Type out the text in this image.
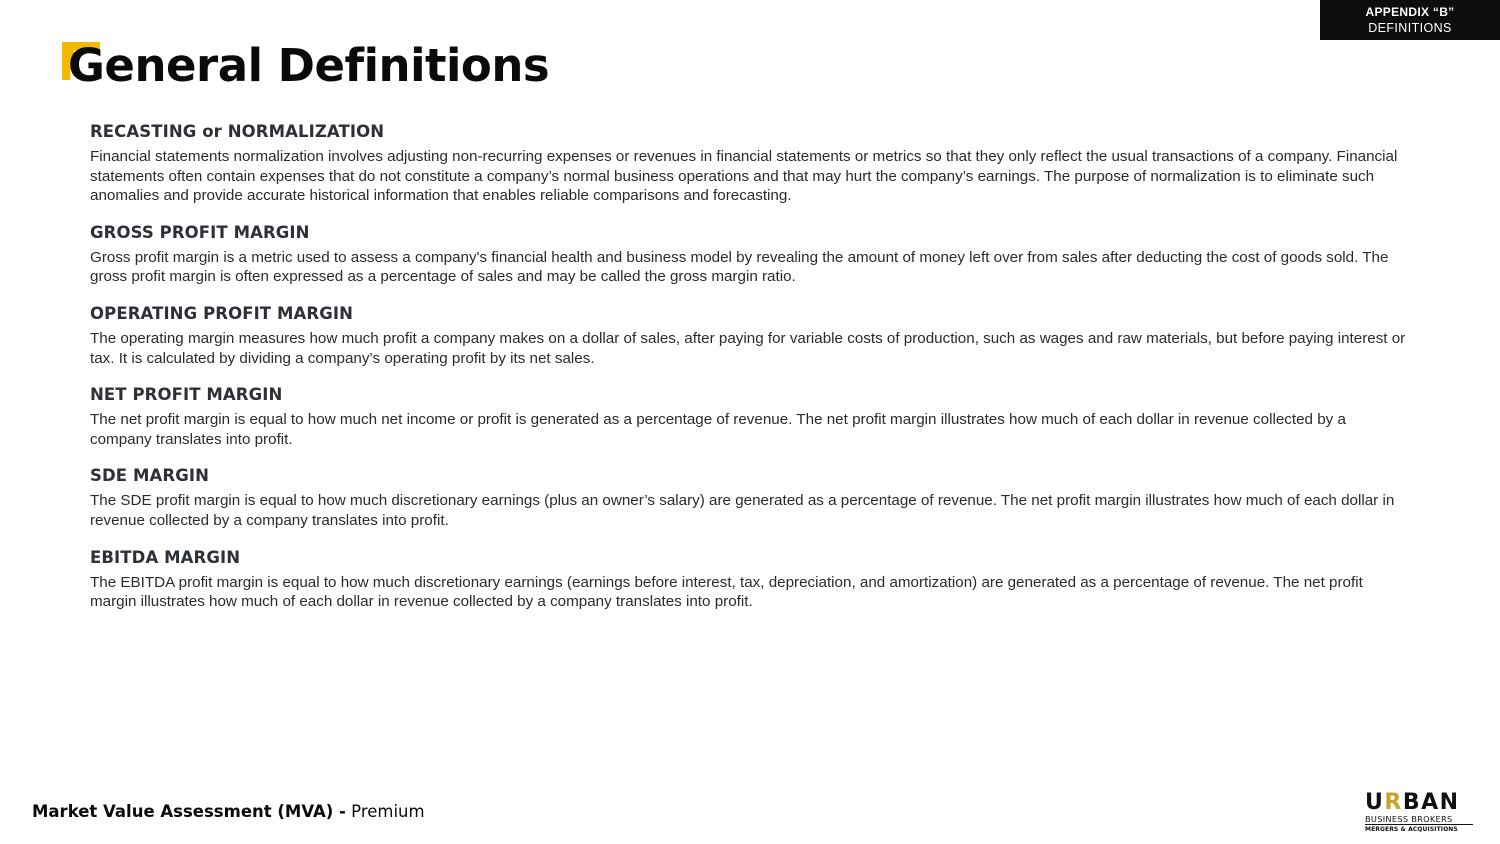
APPENDIX “B”
DEFINITIONS
General Definitions
RECASTING or NORMALIZATION
Financial statements normalization involves adjusting non-recurring expenses or revenues in financial statements or metrics so that they only reflect the usual transactions of a company. Financial statements often contain expenses that do not constitute a company’s normal business operations and that may hurt the company’s earnings. The purpose of normalization is to eliminate such anomalies and provide accurate historical information that enables reliable comparisons and forecasting.
GROSS PROFIT MARGIN
Gross profit margin is a metric used to assess a company's financial health and business model by revealing the amount of money left over from sales after deducting the cost of goods sold. The gross profit margin is often expressed as a percentage of sales and may be called the gross margin ratio.
OPERATING PROFIT MARGIN
The operating margin measures how much profit a company makes on a dollar of sales, after paying for variable costs of production, such as wages and raw materials, but before paying interest or tax. It is calculated by dividing a company’s operating profit by its net sales.
NET PROFIT MARGIN
The net profit margin is equal to how much net income or profit is generated as a percentage of revenue. The net profit margin illustrates how much of each dollar in revenue collected by a company translates into profit.
SDE MARGIN
The SDE profit margin is equal to how much discretionary earnings (plus an owner’s salary) are generated as a percentage of revenue. The net profit margin illustrates how much of each dollar in revenue collected by a company translates into profit.
EBITDA MARGIN
The EBITDA profit margin is equal to how much discretionary earnings (earnings before interest, tax, depreciation, and amortization) are generated as a percentage of revenue. The net profit margin illustrates how much of each dollar in revenue collected by a company translates into profit.
Market Value Assessment (MVA) - Premium	U R BAN
BUSINESS BROKERS
MERGERS & ACQUISITIONS
